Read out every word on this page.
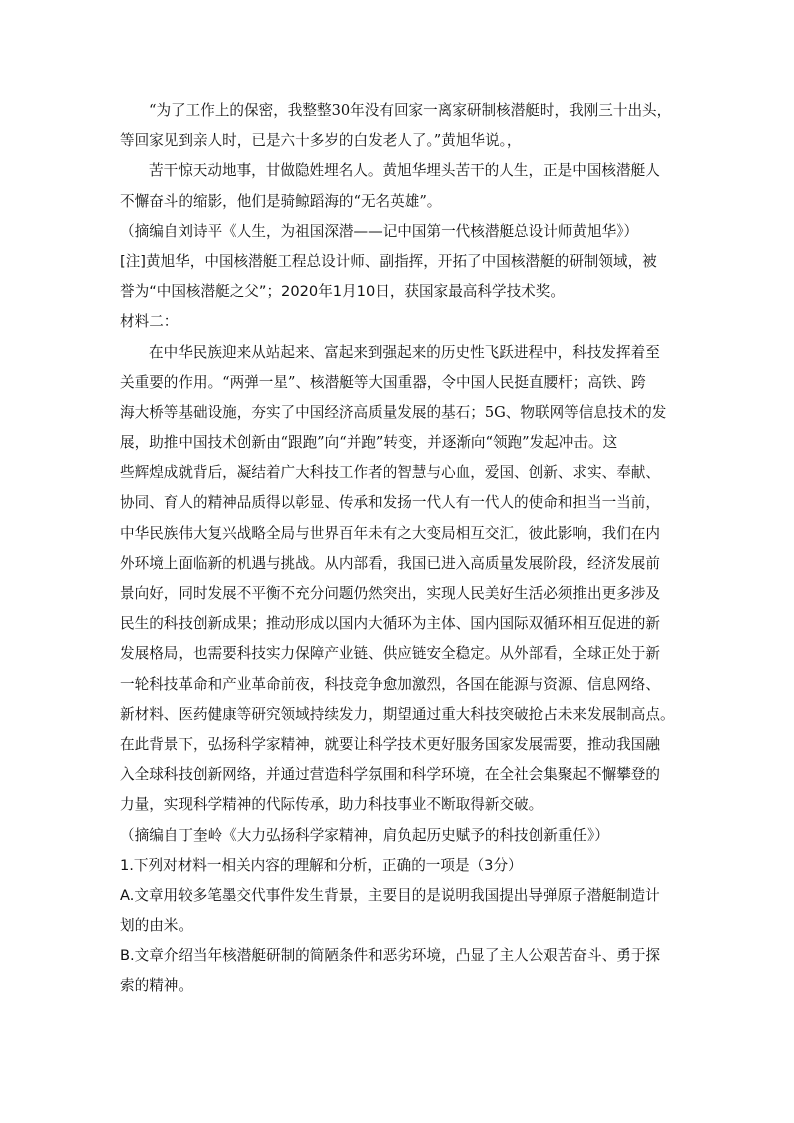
“为了工作上的保密，我整整30年没有回家一离家研制核潜艇时，我刚三十出头，
等回家见到亲人时，已是六十多岁的白发老人了。”黄旭华说。，
苦干惊天动地事，甘做隐姓埋名人。黄旭华埋头苦干的人生，正是中国核潜艇人
不懈奋斗的缩影，他们是骑鲸蹈海的“无名英雄”。
（摘编自刘诗平《人生，为祖国深潜——记中国第一代核潜艇总设计师黄旭华》）
[注]黄旭华，中国核潜艇工程总设计师、副指挥，开拓了中国核潜艇的研制领域，被
誉为“中国核潜艇之父”；2020年1月10日，获国家最高科学技术奖。
材料二：
在中华民族迎来从站起来、富起来到强起来的历史性飞跃进程中，科技发挥着至
关重要的作用。“两弹一星”、核潜艇等大国重器，令中国人民挺直腰杆；高铁、跨
海大桥等基础设施，夯实了中国经济高质量发展的基石；5G、物联网等信息技术的发
展，助推中国技术创新由“跟跑”向“并跑”转变，并逐渐向“领跑”发起冲击。这
些辉煌成就背后，凝结着广大科技工作者的智慧与心血，爱国、创新、求实、奉献、
协同、育人的精神品质得以彰显、传承和发扬一代人有一代人的使命和担当一当前，
中华民族伟大复兴战略全局与世界百年未有之大变局相互交汇，彼此影响，我们在内
外环境上面临新的机遇与挑战。从内部看，我国已进入高质量发展阶段，经济发展前
景向好，同时发展不平衡不充分问题仍然突出，实现人民美好生活必须推出更多涉及
民生的科技创新成果；推动形成以国内大循环为主体、国内国际双循环相互促进的新
发展格局，也需要科技实力保障产业链、供应链安全稳定。从外部看，全球正处于新
一轮科技革命和产业革命前夜，科技竞争愈加激烈，各国在能源与资源、信息网络、
新材料、医药健康等研究领域持续发力，期望通过重大科技突破抢占未来发展制高点。
在此背景下，弘扬科学家精神，就要让科学技术更好服务国家发展需要，推动我国融
入全球科技创新网络，并通过营造科学氛围和科学环境，在全社会集聚起不懈攀登的
力量，实现科学精神的代际传承，助力科技事业不断取得新交破。
（摘编自丁奎岭《大力弘扬科学家精神，肩负起历史赋予的科技创新重任》）
1.下列对材料一相关内容的理解和分析，正确的一项是（3分）
A.文章用较多笔墨交代事件发生背景，主要目的是说明我国提出导弹原子潜艇制造计
划的由米。
B.文章介绍当年核潜艇研制的简陋条件和恶劣环境，凸显了主人公艰苦奋斗、勇于探
索的精神。
